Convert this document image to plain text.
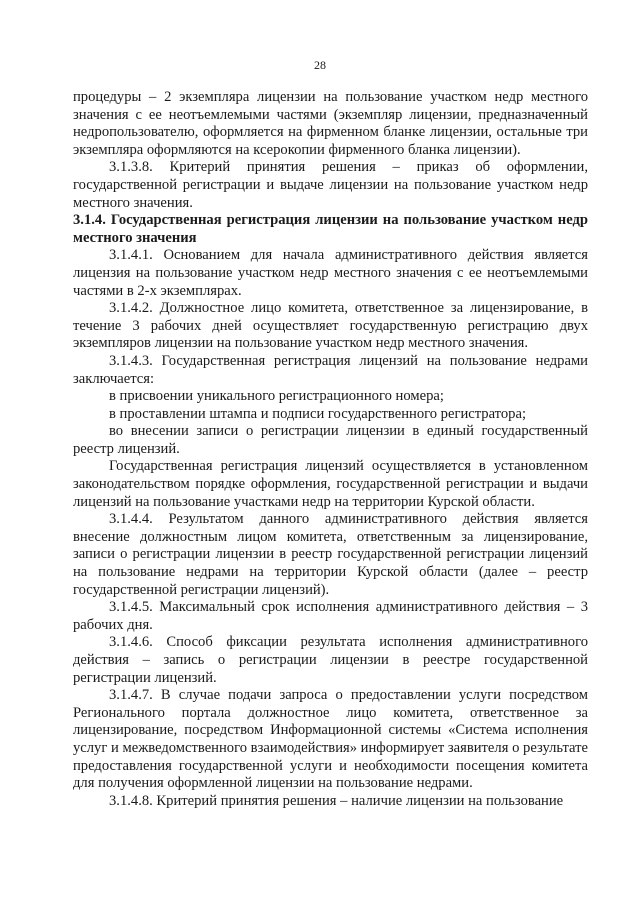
28

процедуры – 2 экземпляра лицензии на пользование участком недр местного значения с ее неотъемлемыми частями (экземпляр лицензии, предназначенный недропользователю, оформляется на фирменном бланке лицензии, остальные три экземпляра оформляются на ксерокопии фирменного бланка лицензии).

3.1.3.8. Критерий принятия решения – приказ об оформлении, государственной регистрации и выдаче лицензии на пользование участком недр местного значения.

3.1.4. Государственная регистрация лицензии на пользование участком недр местного значения

3.1.4.1. Основанием для начала административного действия является лицензия на пользование участком недр местного значения с ее неотъемлемыми частями в 2-х экземплярах.

3.1.4.2. Должностное лицо комитета, ответственное за лицензирование, в течение 3 рабочих дней осуществляет государственную регистрацию двух экземпляров лицензии на пользование участком недр местного значения.

3.1.4.3. Государственная регистрация лицензий на пользование недрами заключается:

в присвоении уникального регистрационного номера;

в проставлении штампа и подписи государственного регистратора;

во внесении записи о регистрации лицензии в единый государственный реестр лицензий.

Государственная регистрация лицензий осуществляется в установленном законодательством порядке оформления, государственной регистрации и выдачи лицензий на пользование участками недр на территории Курской области.

3.1.4.4. Результатом данного административного действия является внесение должностным лицом комитета, ответственным за лицензирование, записи о регистрации лицензии в реестр государственной регистрации лицензий на пользование недрами на территории Курской области (далее – реестр государственной регистрации лицензий).

3.1.4.5. Максимальный срок исполнения административного действия – 3 рабочих дня.

3.1.4.6. Способ фиксации результата исполнения административного действия – запись о регистрации лицензии в реестре государственной регистрации лицензий.

3.1.4.7. В случае подачи запроса о предоставлении услуги посредством Регионального портала должностное лицо комитета, ответственное за лицензирование, посредством Информационной системы «Система исполнения услуг и межведомственного взаимодействия» информирует заявителя о результате предоставления государственной услуги и необходимости посещения комитета для получения оформленной лицензии на пользование недрами.

3.1.4.8. Критерий принятия решения – наличие лицензии на пользование
